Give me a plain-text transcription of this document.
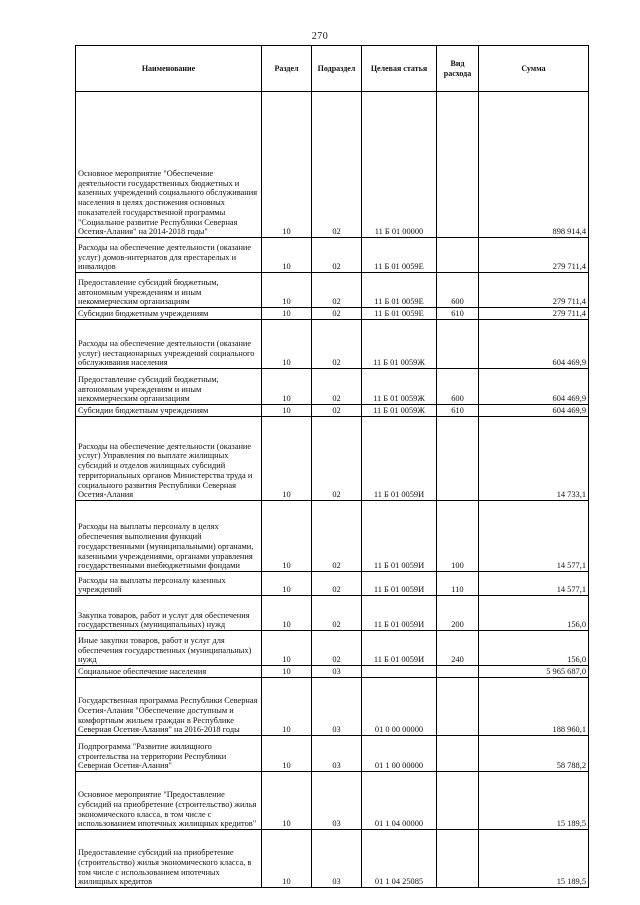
270
Наименование	Раздел	Подраздел	Целевая статья	Вид расхода	Сумма
Основное мероприятие "Обеспечение деятельности государственных бюджетных и казенных учреждений социального обслуживания населения в целях достижения основных показателей государственной программы "Социальное развитие Республики Северная Осетия-Алания" на 2014-2018 годы"	10	02	11 Б 01 00000		898 914,4
Расходы на обеспечение деятельности (оказание услуг) домов-интернатов для престарелых и инвалидов	10	02	11 Б 01 0059Е		279 711,4
Предоставление субсидий бюджетным, автономным учреждениям и иным некоммерческим организациям	10	02	11 Б 01 0059Е	600	279 711,4
Субсидии бюджетным учреждениям	10	02	11 Б 01 0059Е	610	279 711,4
Расходы на обеспечение деятельности (оказание услуг) нестационарных учреждений социального обслуживания населения	10	02	11 Б 01 0059Ж		604 469,9
Предоставление субсидий бюджетным, автономным учреждениям и иным некоммерческим организациям	10	02	11 Б 01 0059Ж	600	604 469,9
Субсидии бюджетным учреждениям	10	02	11 Б 01 0059Ж	610	604 469,9
Расходы на обеспечение деятельности (оказание услуг) Управления по выплате жилищных субсидий и отделов жилищных субсидий территориальных органов Министерства труда и социального развития Республики Северная Осетия-Алания	10	02	11 Б 01 0059И		14 733,1
Расходы на выплаты персоналу в целях обеспечения выполнения функций государственными (муниципальными) органами, казенными учреждениями, органами управления государственными внебюджетными фондами	10	02	11 Б 01 0059И	100	14 577,1
Расходы на выплаты персоналу казенных учреждений	10	02	11 Б 01 0059И	110	14 577,1
Закупка товаров, работ и услуг для обеспечения государственных (муниципальных) нужд	10	02	11 Б 01 0059И	200	156,0
Иные закупки товаров, работ и услуг для обеспечения государственных (муниципальных) нужд	10	02	11 Б 01 0059И	240	156,0
Социальное обеспечение населения	10	03			5 965 687,0
Государственная программа Республики Северная Осетия-Алания "Обеспечение доступным и комфортным жильем граждан в Республике Северная Осетия-Алания" на 2016-2018 годы	10	03	01 0 00 00000		188 960,1
Подпрограмма "Развитие жилищного строительства на территории Республики Северная Осетия-Алания"	10	03	01 1 00 00000		58 788,2
Основное мероприятие "Предоставление субсидий на приобретение (строительство) жилья экономического класса, в том числе с использованием ипотечных жилищных кредитов"	10	03	01 1 04 00000		15 189,5
Предоставление субсидий на приобретение (строительство) жилья экономического класса, в том числе с использованием ипотечных жилищных кредитов	10	03	01 1 04 25085		15 189,5
